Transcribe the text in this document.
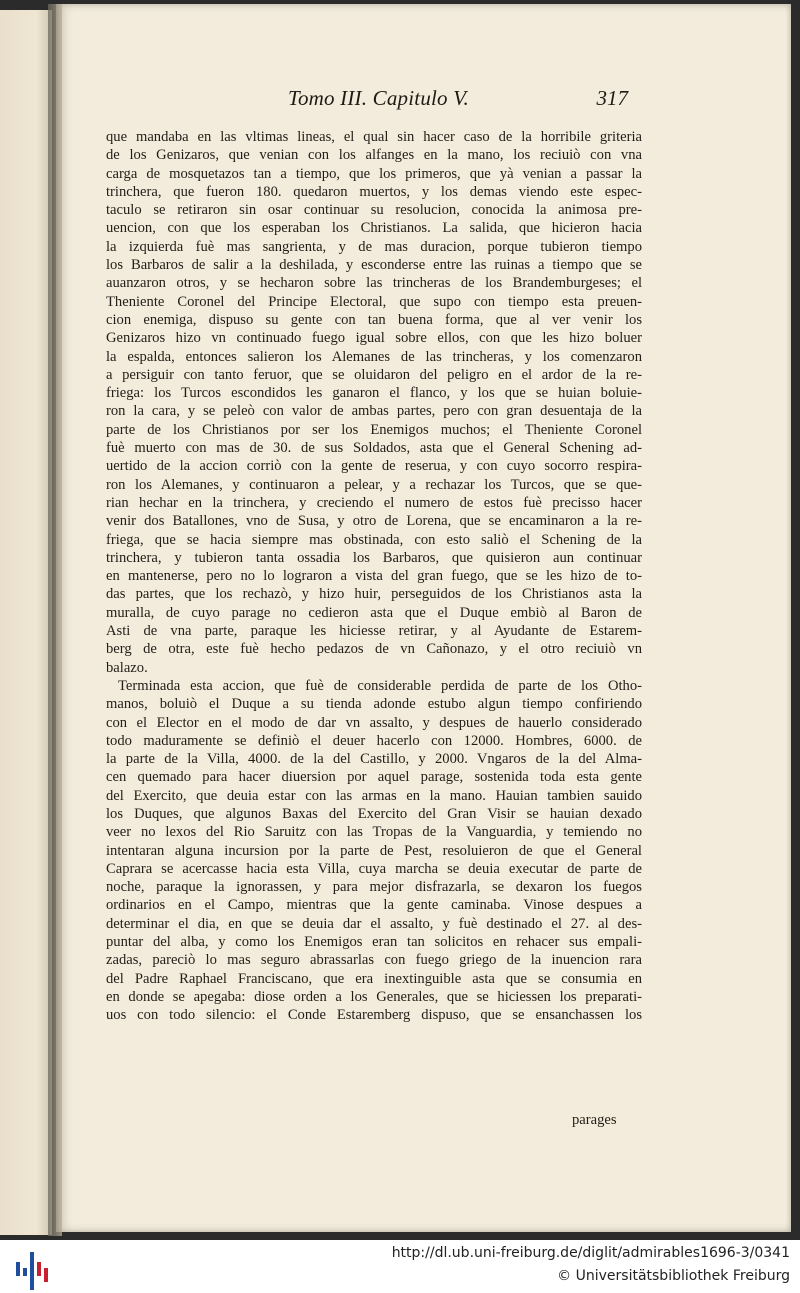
Tomo III. Capitulo V.	317
que mandaba en las vltimas lineas, el qual sin hacer caso de la horribile griteria
de los Genizaros, que venian con los alfanges en la mano, los reciuiò con vna
carga de mosquetazos tan a tiempo, que los primeros, que yà venian a passar la
trinchera, que fueron 180. quedaron muertos, y los demas viendo este espec-
taculo se retiraron sin osar continuar su resolucion, conocida la animosa pre-
uencion, con que los esperaban los Christianos. La salida, que hicieron hacia
la izquierda fuè mas sangrienta, y de mas duracion, porque tubieron tiempo
los Barbaros de salir a la deshilada, y esconderse entre las ruinas a tiempo que se
auanzaron otros, y se hecharon sobre las trincheras de los Brandemburgeses; el
Theniente Coronel del Principe Electoral, que supo con tiempo esta preuen-
cion enemiga, dispuso su gente con tan buena forma, que al ver venir los
Genizaros hizo vn continuado fuego igual sobre ellos, con que les hizo boluer
la espalda, entonces salieron los Alemanes de las trincheras, y los comenzaron
a persiguir con tanto feruor, que se oluidaron del peligro en el ardor de la re-
friega: los Turcos escondidos les ganaron el flanco, y los que se huian boluie-
ron la cara, y se peleò con valor de ambas partes, pero con gran desuentaja de la
parte de los Christianos por ser los Enemigos muchos; el Theniente Coronel
fuè muerto con mas de 30. de sus Soldados, asta que el General Schening ad-
uertido de la accion corriò con la gente de reserua, y con cuyo socorro respira-
ron los Alemanes, y continuaron a pelear, y a rechazar los Turcos, que se que-
rian hechar en la trinchera, y creciendo el numero de estos fuè precisso hacer
venir dos Batallones, vno de Susa, y otro de Lorena, que se encaminaron a la re-
friega, que se hacia siempre mas obstinada, con esto saliò el Schening de la
trinchera, y tubieron tanta ossadia los Barbaros, que quisieron aun continuar
en mantenerse, pero no lo lograron a vista del gran fuego, que se les hizo de to-
das partes, que los rechazò, y hizo huir, perseguidos de los Christianos asta la
muralla, de cuyo parage no cedieron asta que el Duque embiò al Baron de
Asti de vna parte, paraque les hiciesse retirar, y al Ayudante de Estarem-
berg de otra, este fuè hecho pedazos de vn Cañonazo, y el otro reciuiò vn
balazo.
Terminada esta accion, que fuè de considerable perdida de parte de los Otho-
manos, boluiò el Duque a su tienda adonde estubo algun tiempo confiriendo
con el Elector en el modo de dar vn assalto, y despues de hauerlo considerado
todo maduramente se definiò el deuer hacerlo con 12000. Hombres, 6000. de
la parte de la Villa, 4000. de la del Castillo, y 2000. Vngaros de la del Alma-
cen quemado para hacer diuersion por aquel parage, sostenida toda esta gente
del Exercito, que deuia estar con las armas en la mano. Hauian tambien sauido
los Duques, que algunos Baxas del Exercito del Gran Visir se hauian dexado
veer no lexos del Rio Saruitz con las Tropas de la Vanguardia, y temiendo no
intentaran alguna incursion por la parte de Pest, resoluieron de que el General
Caprara se acercasse hacia esta Villa, cuya marcha se deuia executar de parte de
noche, paraque la ignorassen, y para mejor disfrazarla, se dexaron los fuegos
ordinarios en el Campo, mientras que la gente caminaba. Vinose despues a
determinar el dia, en que se deuia dar el assalto, y fuè destinado el 27. al des-
puntar del alba, y como los Enemigos eran tan solicitos en rehacer sus empali-
zadas, pareciò lo mas seguro abrassarlas con fuego griego de la inuencion rara
del Padre Raphael Franciscano, que era inextinguible asta que se consumia en
en donde se apegaba: diose orden a los Generales, que se hiciessen los preparati-
uos con todo silencio: el Conde Estaremberg dispuso, que se ensanchassen los
parages
http://dl.ub.uni-freiburg.de/diglit/admirables1696-3/0341
© Universitätsbibliothek Freiburg
